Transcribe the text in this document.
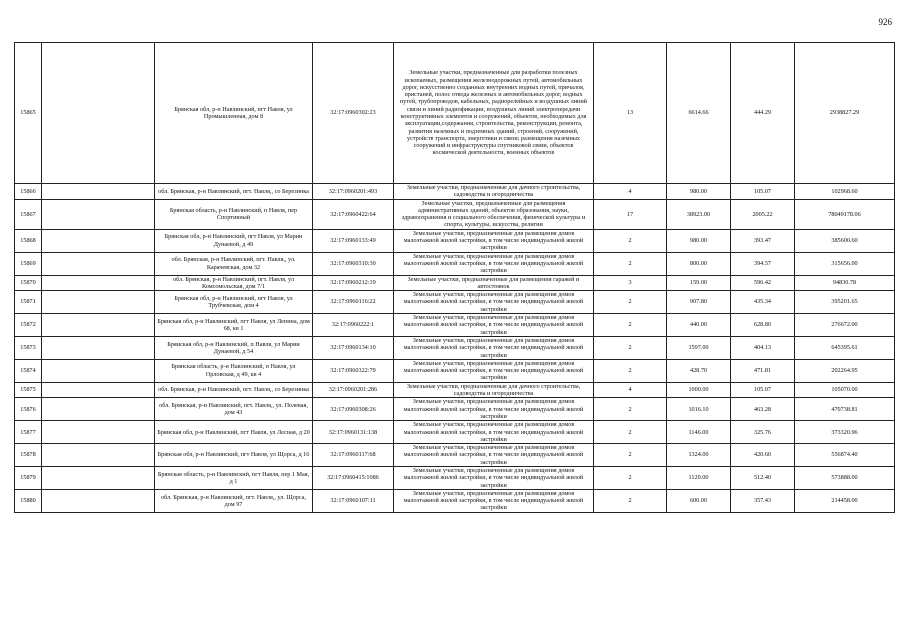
926
15865		Брянская обл, р-н Навлинский, пгт Навля, ул Промышленная, дом 8	32:17:0960302:23	Земельные участки, предназначенные для разработки полезных ископаемых, размещения железнодорожных путей, автомобильных дорог, искусственно созданных внутренних водных путей, причалов, пристаней, полос отвода железных и автомобильных дорог, водных путей, трубопроводов, кабельных, радиорелейных и воздушных линий связи и линий радиофикации, воздушных линий электропередачи конструктивных элементов и сооружений, объектов, необходимых для эксплуатации,содержания, строительства, реконструкции, ремонта, развития наземных и подземных зданий, строений, сооружений, устройств транспорта, энергетики и связи; размещения наземных сооружений и инфраструктуры спутниковой связи, объектов космической деятельности, военных объектов	13	6614.66	444.29	2938827.29
15866		обл. Брянская, р-н Навлинский, пгт. Навля,, со Березинка	32:17:0960201:493	Земельные участки, предназначенные для дачного строительства, садоводства и огородничества	4	980.00	105.07	102968.60
15867		Брянская область, р-н Навлинский, п Навля, пер Спортивный	32:17:0960422:64	Земельные участки, предназначенные для размещения административных зданий, объектов образования, науки, здравоохранения и социального обеспечения, физической культуры и спорта, культуры, искусства, религии	17	38923.00	2005.22	78049178.06
15868		Брянская обл, р-н Навлинский, пгт Навля, ул Марии Дунаевой, д 49	32:17:0960133:49	Земельные участки, предназначенные для размещения домов малоэтажной жилой застройки, в том числе индивидуальной жилой застройки	2	980.00	393.47	385600.60
15869		обл. Брянская, р-н Навлинский, пгт. Навля,, ул. Карачевская, дом 32	32:17:0960310:30	Земельные участки, предназначенные для размещения домов малоэтажной жилой застройки, в том числе индивидуальной жилой застройки	2	800.00	394.57	315656.00
15870		обл. Брянская, р-н Навлинский, пгт. Навля, ул Комсомольская, дом 7/1	32:17:0960212:19	Земельные участки, предназначенные для размещения гаражей и автостоянок	3	159.00	596.42	94830.78
15871		Брянская обл, р-н Навлинский, пгт Навля, ул Трубчевская, дом 4	32:17:0960116:22	Земельные участки, предназначенные для размещения домов малоэтажной жилой застройки, в том числе индивидуальной жилой застройки	2	907.80	435.34	395201.65
15872		Брянская обл, р-н Навлинский, пгт Навля, ул Ленина, дом 68, кв 1	32:17:0960222:1	Земельные участки, предназначенные для размещения домов малоэтажной жилой застройки, в том числе индивидуальной жилой застройки	2	440.00	628.80	276672.00
15873		Брянская обл, р-н Навлинский, п Навля, ул Марии Дунаевой, д 54	32:17:0960134:10	Земельные участки, предназначенные для размещения домов малоэтажной жилой застройки, в том числе индивидуальной жилой застройки	2	1597.00	404.13	645395.61
15874		Брянская область, р-н Навлинский, п Навля, ул Орловская, д 49, кв 4	32:17:0960322:79	Земельные участки, предназначенные для размещения домов малоэтажной жилой застройки, в том числе индивидуальной жилой застройки	2	428.70	471.81	202264.95
15875		обл. Брянская, р-н Навлинский, пгт. Навля,, со Березинка	32:17:0960201:286	Земельные участки, предназначенные для дачного строительства, садоводства и огородничества	4	1000.00	105.07	105070.00
15876		обл. Брянская, р-н Навлинский, пгт. Навля,, ул. Полевая, дом 43	32:17:0960308:26	Земельные участки, предназначенные для размещения домов малоэтажной жилой застройки, в том числе индивидуальной жилой застройки	2	1016.10	463.28	470738.81
15877		Брянская обл, р-н Навлинский, пгт Навля, ул Лесная, д 20	32:17:0960131:138	Земельные участки, предназначенные для размещения домов малоэтажной жилой застройки, в том числе индивидуальной жилой застройки	2	1146.00	325.76	373320.96
15878		Брянская обл, р-н Навлинский, пгт Навля, ул Щорса, д 16	32:17:0960117:68	Земельные участки, предназначенные для размещения домов малоэтажной жилой застройки, в том числе индивидуальной жилой застройки	2	1324.00	420.60	556874.40
15879		Брянская область, р-н Навлинский, пгт Навля, пер 1 Мая, д 1	32:17:0960415:1086	Земельные участки, предназначенные для размещения домов малоэтажной жилой застройки, в том числе индивидуальной жилой застройки	2	1120.00	512.40	573888.00
15880		обл. Брянская, р-н Навлинский, пгт. Навля,, ул. Щорса, дом 97	32:17:0960107:11	Земельные участки, предназначенные для размещения домов малоэтажной жилой застройки, в том числе индивидуальной жилой застройки	2	600.00	357.43	214458.00
